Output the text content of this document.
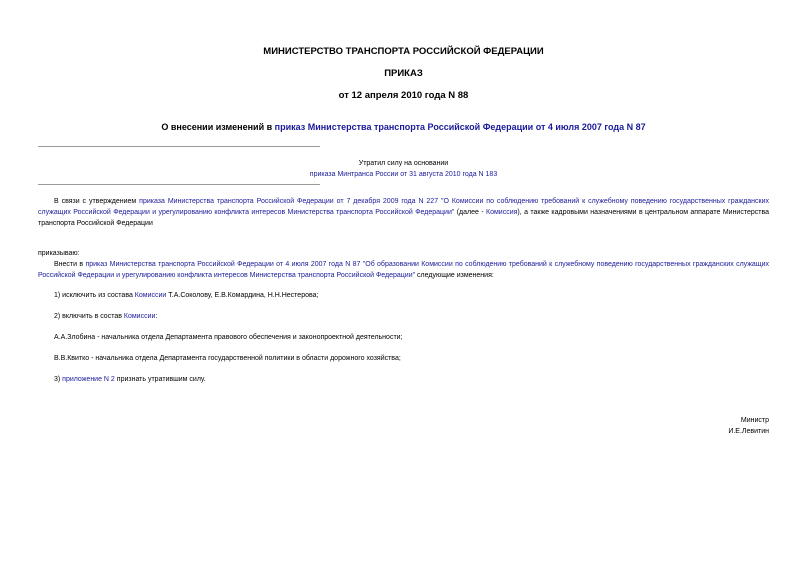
МИНИСТЕРСТВО ТРАНСПОРТА РОССИЙСКОЙ ФЕДЕРАЦИИ
ПРИКАЗ
от 12 апреля 2010 года N 88
О внесении изменений в приказ Министерства транспорта Российской Федерации от 4 июля 2007 года N 87
Утратил силу на основании
приказа Минтранса России от 31 августа 2010 года N 183
В связи с утверждением приказа Министерства транспорта Российской Федерации от 7 декабря 2009 года N 227 "О Комиссии по соблюдению требований к служебному поведению государственных гражданских служащих Российской Федерации и урегулированию конфликта интересов Министерства транспорта Российской Федерации" (далее - Комиссия), а также кадровыми назначениями в центральном аппарате Министерства транспорта Российской Федерации
приказываю:
Внести в приказ Министерства транспорта Российской Федерации от 4 июля 2007 года N 87 "Об образовании Комиссии по соблюдению требований к служебному поведению государственных гражданских служащих Российской Федерации и урегулированию конфликта интересов Министерства транспорта Российской Федерации" следующие изменения:
1) исключить из состава Комиссии Т.А.Соколову, Е.В.Комардина, Н.Н.Нестерова;
2) включить в состав Комиссии:
А.А.Злобина - начальника отдела Департамента правового обеспечения и законопроектной деятельности;
В.В.Квитко - начальника отдела Департамента государственной политики в области дорожного хозяйства;
3) приложение N 2 признать утратившим силу.
Министр
И.Е.Левитин
